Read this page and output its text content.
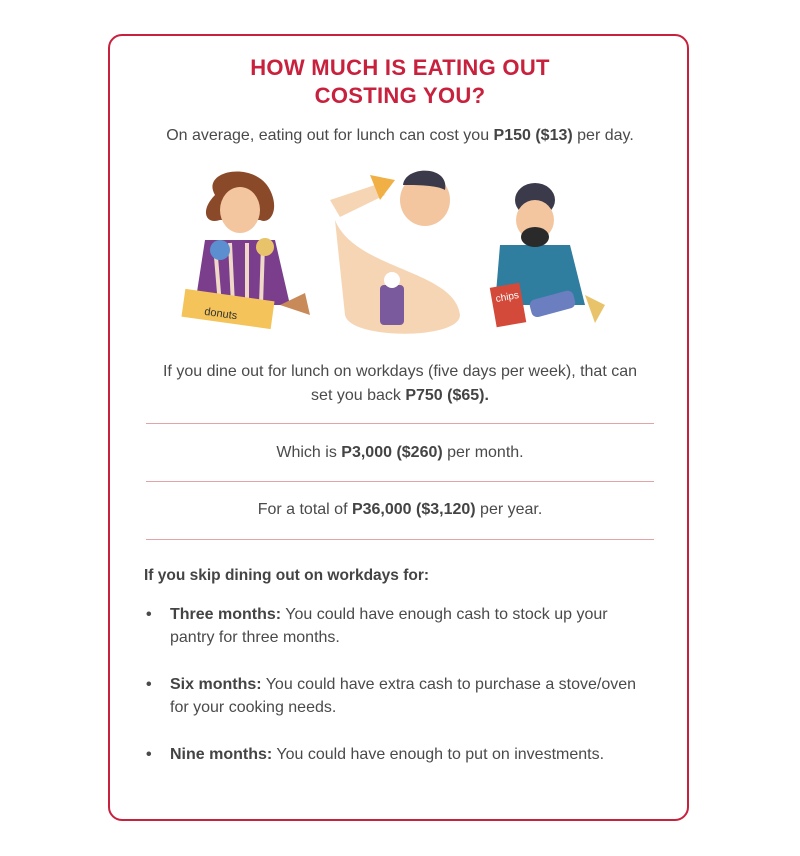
HOW MUCH IS EATING OUT
COSTING YOU?
On average, eating out for lunch can cost you P150 ($13) per day.
donuts
chips
If you dine out for lunch on workdays (five days per week), that can
set you back P750 ($65).
Which is P3,000 ($260) per month.
For a total of P36,000 ($3,120) per year.
If you skip dining out on workdays for:
• Three months: You could have enough cash to stock up your
pantry for three months.
• Six months: You could have extra cash to purchase a stove/oven
for your cooking needs.
• Nine months: You could have enough to put on investments.
